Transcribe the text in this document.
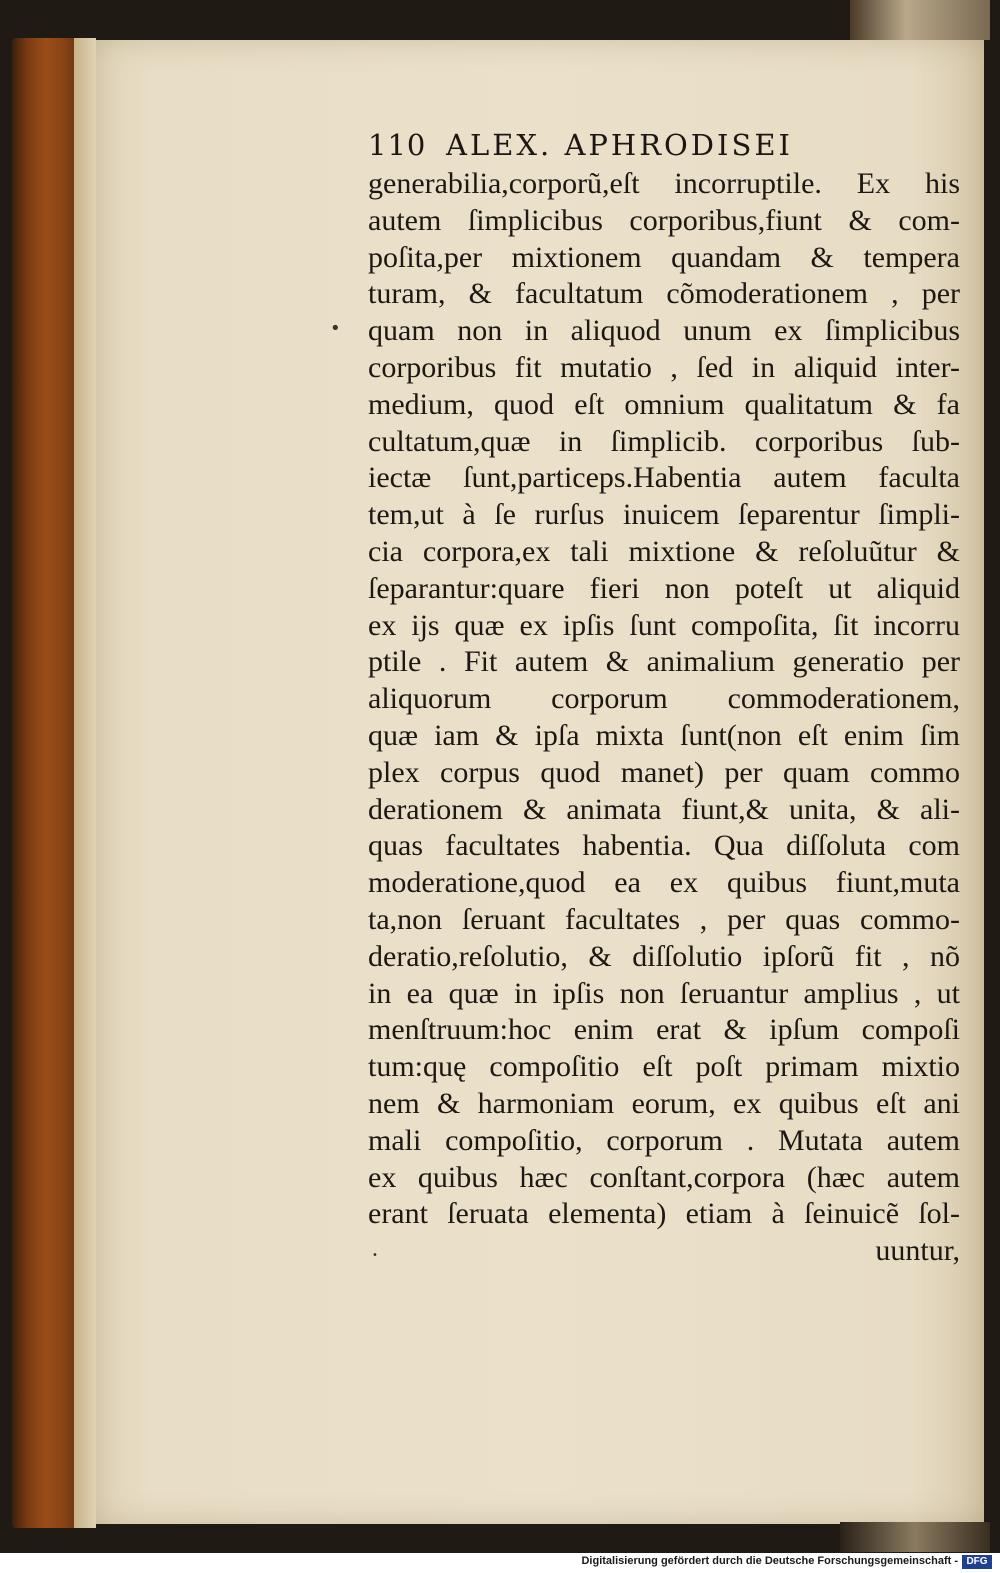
110 ALEX. APHRODISEI
generabilia,corporũ,eſt incorruptile. Ex his
autem ſimplicibus corporibus,fiunt & com-
poſita,per mixtionem quandam & tempera
turam, & facultatum cõmoderationem , per
quam non in aliquod unum ex ſimplicibus
corporibus fit mutatio , ſed in aliquid inter-
medium, quod eſt omnium qualitatum & fa
cultatum,quæ in ſimplicib. corporibus ſub-
iectæ ſunt,particeps.Habentia autem faculta
tem,ut à ſe rurſus inuicem ſeparentur ſimpli-
cia corpora,ex tali mixtione & reſoluũtur &
ſeparantur:quare fieri non poteſt ut aliquid
ex ijs quæ ex ipſis ſunt compoſita, ſit incorru
ptile . Fit autem & animalium generatio per
aliquorum corporum commoderationem,
quæ iam & ipſa mixta ſunt(non eſt enim ſim
plex corpus quod manet) per quam commo
derationem & animata fiunt,& unita, & ali-
quas facultates habentia. Qua diſſoluta com
moderatione,quod ea ex quibus fiunt,muta
ta,non ſeruant facultates , per quas commo-
deratio,reſolutio, & diſſolutio ipſorũ fit , nõ
in ea quæ in ipſis non ſeruantur amplius , ut
menſtruum:hoc enim erat & ipſum compoſi
tum:quę compoſitio eſt poſt primam mixtio
nem & harmoniam eorum, ex quibus eſt ani
mali compoſitio, corporum . Mutata autem
ex quibus hæc conſtant,corpora (hæc autem
erant ſeruata elementa) etiam à ſeinuicẽ ſol-
uuntur,
•
•
Digitalisierung gefördert durch die Deutsche Forschungsgemeinschaft - DFG
